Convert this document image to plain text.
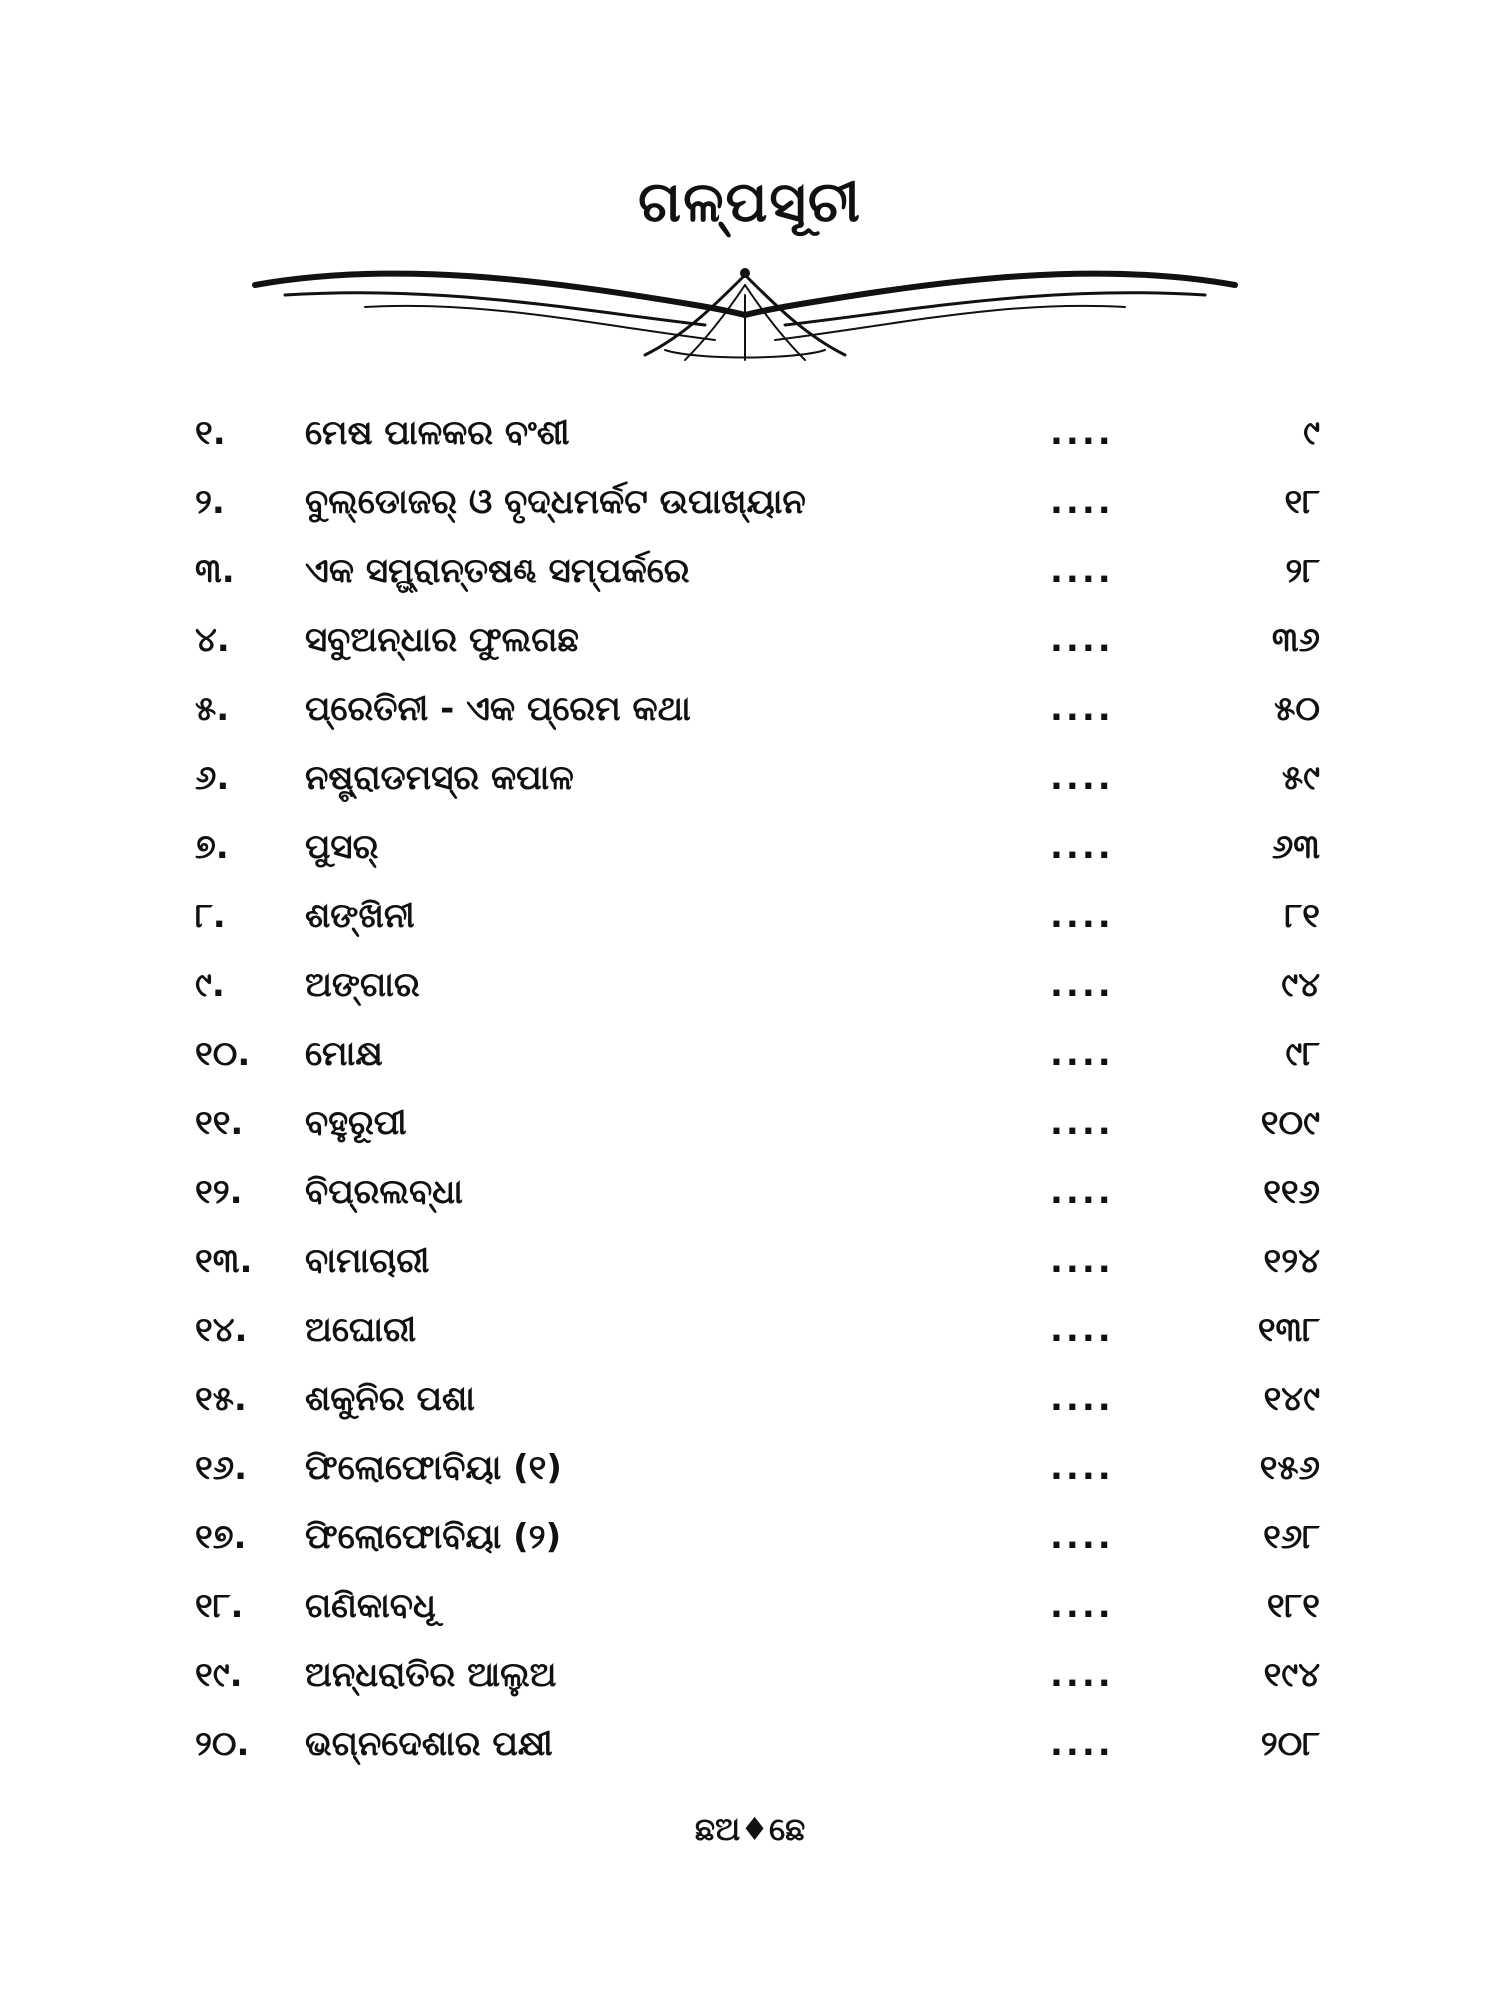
ଗଳ୍ପସୂଚୀ
୧.	ମେଷ ପାଳକର ବଂଶୀ	....	୯
୨.	ବୁଲ୍‌ଡୋଜର୍ ଓ ବୃଦ୍ଧମର୍କଟ ଉପାଖ୍ୟାନ	....	୧୮
୩.	ଏକ ସମ୍ଭ୍ରାନ୍ତଷଣ୍ଢ ସମ୍ପର୍କରେ	....	୨୮
୪.	ସବୁଅନ୍ଧାର ଫୁଲଗଛ	....	୩୬
୫.	ପ୍ରେତିନୀ - ଏକ ପ୍ରେମ କଥା	....	୫୦
୬.	ନଷ୍ଟ୍ରାଡମସ୍‌ର କପାଳ	....	୫୯
୭.	ପୁସର୍	....	୬୩
୮.	ଶଙ୍ଖିନୀ	....	୮୧
୯.	ଅଙ୍ଗାର	....	୯୪
୧୦.	ମୋକ୍ଷ	....	୯୮
୧୧.	ବହୁରୂପୀ	....	୧୦୯
୧୨.	ବିପ୍ରଲବ୍ଧା	....	୧୧୬
୧୩.	ବାମାଚାରୀ	....	୧୨୪
୧୪.	ଅଘୋରୀ	....	୧୩୮
୧୫.	ଶକୁନିର ପଶା	....	୧୪୯
୧୬.	ଫିଲୋଫୋବିୟା (୧)	....	୧୫୬
୧୭.	ଫିଲୋଫୋବିୟା (୨)	....	୧୬୮
୧୮.	ଗଣିକାବଧୂ	....	୧୮୧
୧୯.	ଅନ୍ଧରାତିର ଆଲୁଅ	....	୧୯୪
୨୦.	ଭଗ୍ନଦେଶାର ପକ୍ଷୀ	....	୨୦୮
ଛଅ♦ଛେ
